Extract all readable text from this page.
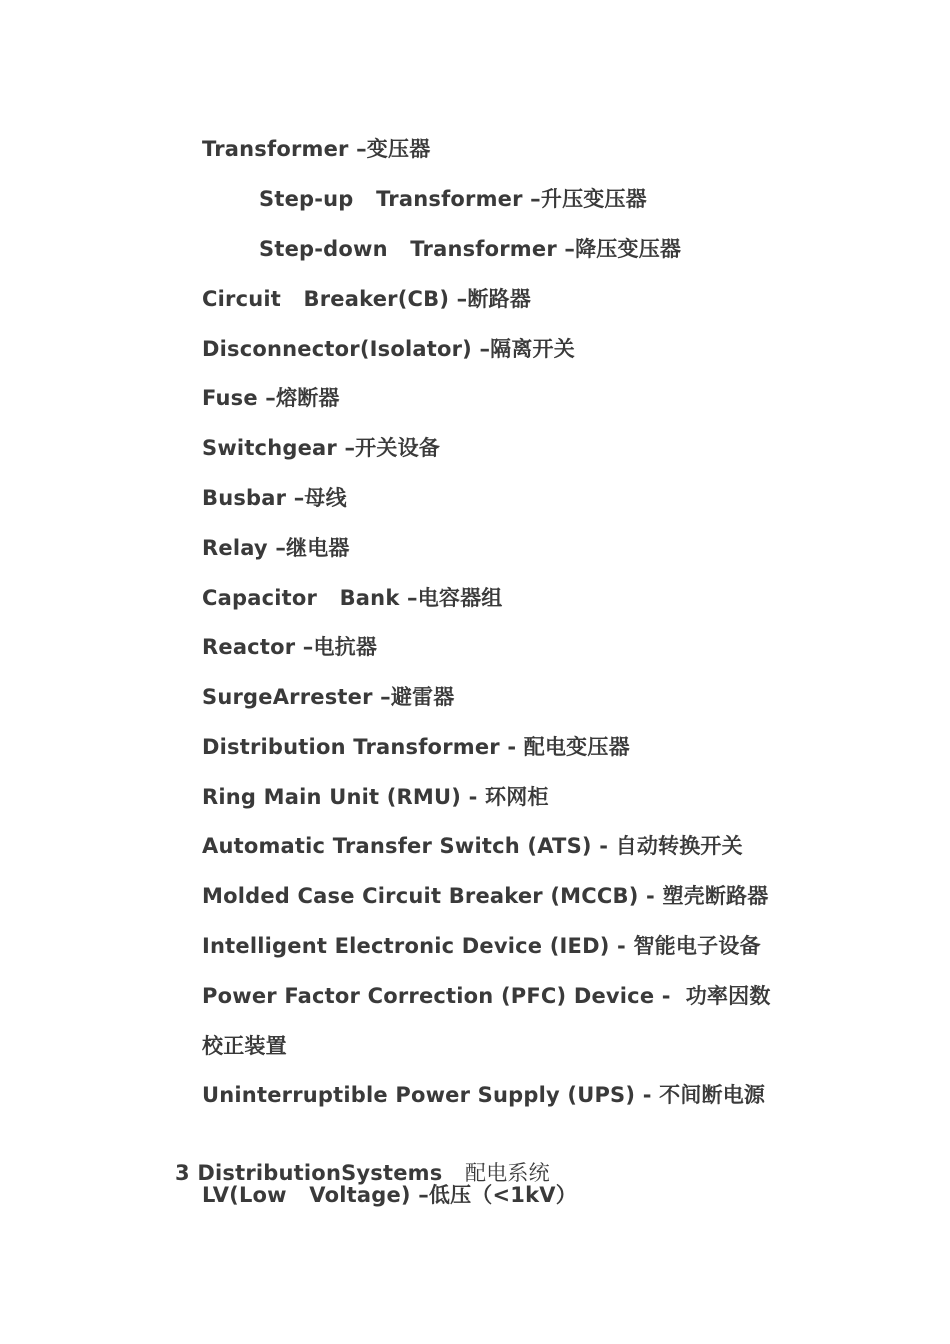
Transformer –变压器
Step-up   Transformer –升压变压器
Step-down   Transformer –降压变压器
Circuit   Breaker(CB) –断路器
Disconnector(Isolator) –隔离开关
Fuse –熔断器
Switchgear –开关设备
Busbar –母线
Relay –继电器
Capacitor   Bank –电容器组
Reactor –电抗器
SurgeArrester –避雷器
Distribution Transformer - 配电变压器
Ring Main Unit (RMU) - 环网柜
Automatic Transfer Switch (ATS) - 自动转换开关
Molded Case Circuit Breaker (MCCB) - 塑壳断路器
Intelligent Electronic Device (IED) - 智能电子设备
Power Factor Correction (PFC) Device -  功率因数
校正装置
Uninterruptible Power Supply (UPS) - 不间断电源

3 DistributionSystems 配电系统

LV(Low   Voltage) –低压（<1kV）
